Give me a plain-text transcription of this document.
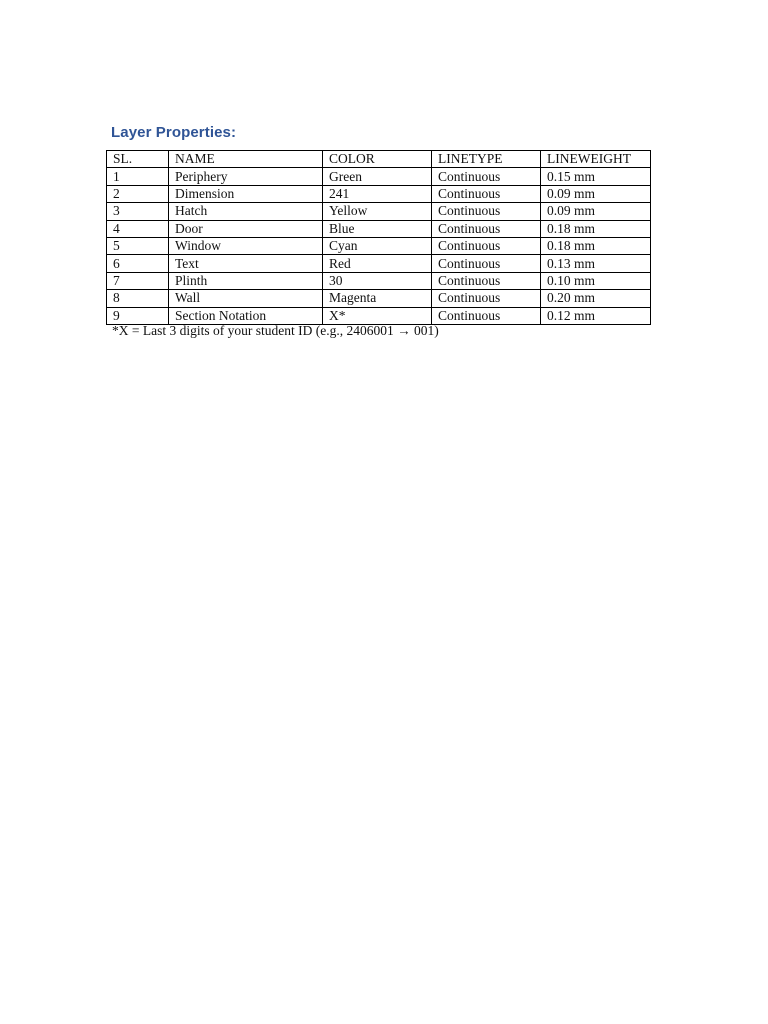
Layer Properties:
SL.	NAME	COLOR	LINETYPE	LINEWEIGHT
1	Periphery	Green	Continuous	0.15 mm
2	Dimension	241	Continuous	0.09 mm
3	Hatch	Yellow	Continuous	0.09 mm
4	Door	Blue	Continuous	0.18 mm
5	Window	Cyan	Continuous	0.18 mm
6	Text	Red	Continuous	0.13 mm
7	Plinth	30	Continuous	0.10 mm
8	Wall	Magenta	Continuous	0.20 mm
9	Section Notation	X*	Continuous	0.12 mm
*X = Last 3 digits of your student ID (e.g., 2406001 → 001)
